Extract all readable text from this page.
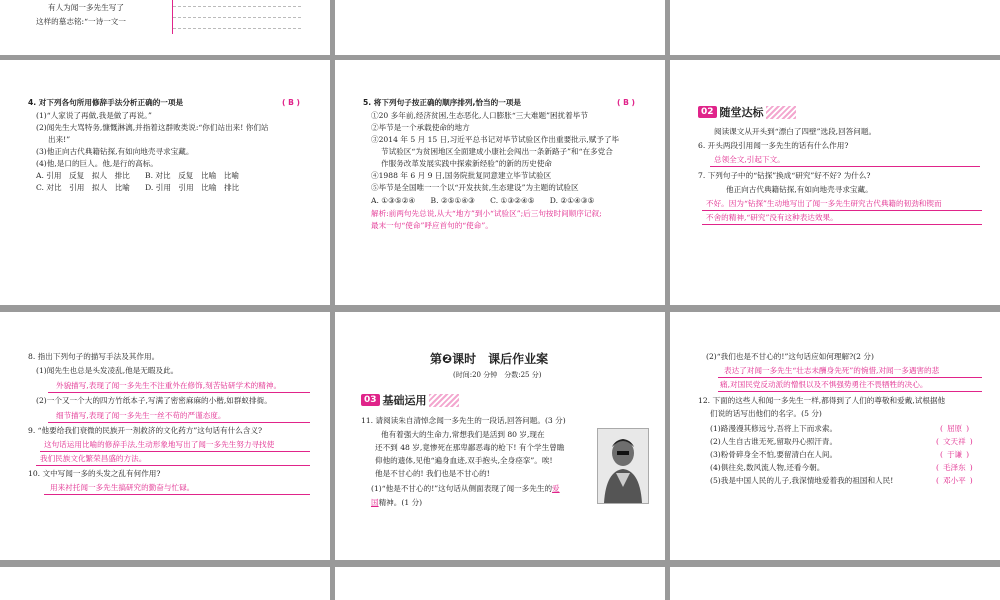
有人为闻一多先生写了
这样的墓志铭:“一诗一文一
4. 对下列各句所用修辞手法分析正确的一项是	( B )
(1)“人家说了再做,我是做了再说。”
(2)闻先生大骂特务,慷慨淋漓,并指着这群败类说:“你们站出来! 你们站
出来!”
(3)他正向古代典籍钻探,有如向地壳寻求宝藏。
(4)他,是口的巨人。他,是行的高标。
A. 引用　反复　拟人　排比　　B. 对比　反复　比喻　比喻
C. 对比　引用　拟人　比喻　　D. 引用　引用　比喻　排比
5. 将下列句子按正确的顺序排列,恰当的一项是	( B )
①20 多年前,经济贫困,生态恶化,人口膨胀“三大难题”困扰着毕节
②毕节是一个承载使命的地方
③2014 年 5 月 15 日,习近平总书记对毕节试验区作出重要批示,赋予了毕
节试验区“为贫困地区全面建成小康社会闯出一条新路子”和“在多党合
作服务改革发展实践中探索新经验”的新的历史使命
④1988 年 6 月 9 日,国务院批复同意建立毕节试验区
⑤毕节是全国唯一一个以“开发扶贫,生态建设”为主题的试验区
A. ①③⑤②④　　B. ②⑤①④③　　C. ①③②④⑤　　D. ②①④③⑤
解析:前两句先总说,从大“地方”到小“试验区”;后三句按时间顺序记叙;
最末一句“使命”呼应首句的“使命”。
02 随堂达标
阅读课文从开头到“漂白了四壁”选段,回答问题。
6. 开头两段引用闻一多先生的话有什么作用?
总领全文,引起下文。
7. 下列句子中的“钻探”换成“研究”好不好? 为什么?
他正向古代典籍钻探,有如向地壳寻求宝藏。
不好。因为“钻探”生动地写出了闻一多先生研究古代典籍的韧劲和锲而
不舍的精神,“研究”没有这种表达效果。
8. 指出下列句子的描写手法及其作用。
(1)闻先生也总是头发凌乱,他是无暇及此。
外貌描写,表现了闻一多先生不注重外在修饰,刻苦钻研学术的精神。
(2)一个又一个大的四方竹纸本子,写满了密密麻麻的小楷,如群蚁排衙。
细节描写,表现了闻一多先生一丝不苟的严谨态度。
9. “他要给我们衰微的民族开一剂救济的文化药方”这句话有什么含义?
这句话运用比喻的修辞手法,生动形象地写出了闻一多先生努力寻找使
我们民族文化繁荣昌盛的方法。
10. 文中写闻一多的头发之乱有何作用?
用来衬托闻一多先生搞研究的勤奋与忙碌。
第❷课时　课后作业案
(时间:20 分钟　分数:25 分)
03 基础运用
11. 请阅读朱自清悼念闻一多先生的一段话,回答问题。(3 分)
他有着强大的生命力,常想我们是活到 80 岁,现在
还不到 48 岁,竟惨死在那卑鄙恶毒的枪下! 有个学生曾瞻
仰他的遗体,见他“遍身血迹,双手抱头,全身痉挛”。唉!
他是不甘心的! 我们也是不甘心的!
(1)“他是不甘心的!”这句话从侧面表现了闻一多先生的爱
国精神。(1 分)
(2)“我们也是不甘心的!”这句话应如何理解?(2 分)
表达了对闻一多先生“壮志未酬身先死”的惋惜,对闻一多遇害的悲
痛,对国民党反动派的憎恨以及不惧强势勇往不畏牺牲的决心。
12. 下面的这些人和闻一多先生一样,都得到了人们的尊敬和爱戴,试根据他
们说的话写出他们的名字。(5 分)
(1)路漫漫其修远兮,吾将上下而求索。	( 屈原 )
(2)人生自古谁无死,留取丹心照汗青。	( 文天祥 )
(3)粉骨碎身全不怕,要留清白在人间。	( 于谦 )
(4)俱往矣,数风流人物,还看今朝。	( 毛泽东 )
(5)我是中国人民的儿子,我深情地爱着我的祖国和人民!	( 邓小平 )
